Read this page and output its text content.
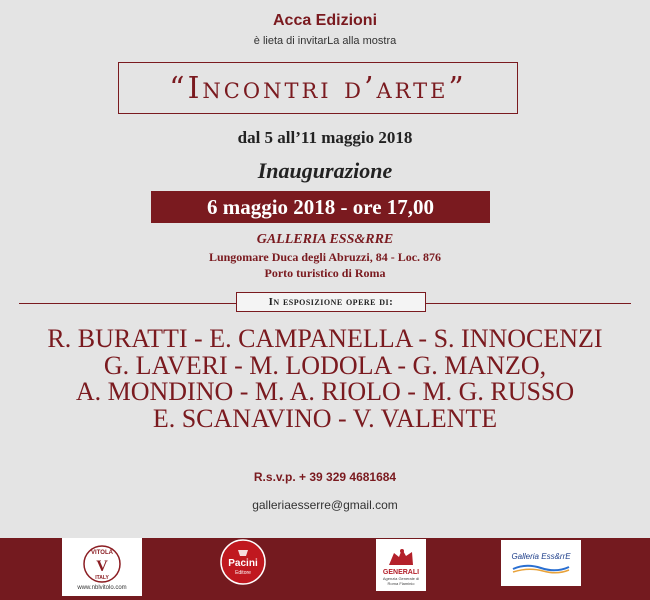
Acca Edizioni
è lieta di invitarLa alla mostra
“Incontri d’arte”
dal 5 all’11 maggio 2018
Inaugurazione
6 maggio 2018 - ore 17,00
GALLERIA ESS&RRE
Lungomare Duca degli Abruzzi, 84 - Loc. 876
Porto turistico di Roma
In esposizione opere di:
R. BURATTI - E. CAMPANELLA - S. INNOCENZI
G. LAVERI - M. LODOLA - G. MANZO,
A. MONDINO - M. A. RIOLO - M. G. RUSSO
E. SCANAVINO - V. VALENTE
R.s.v.p. + 39 329 4681684
galleriaesserre@gmail.com
VITOLA
V
ITALY
www.nblvitolo.com
Pacini
Editore	GENERALI
Agenzia Generale di Roma Flaminio
Galleria Ess&rrE
